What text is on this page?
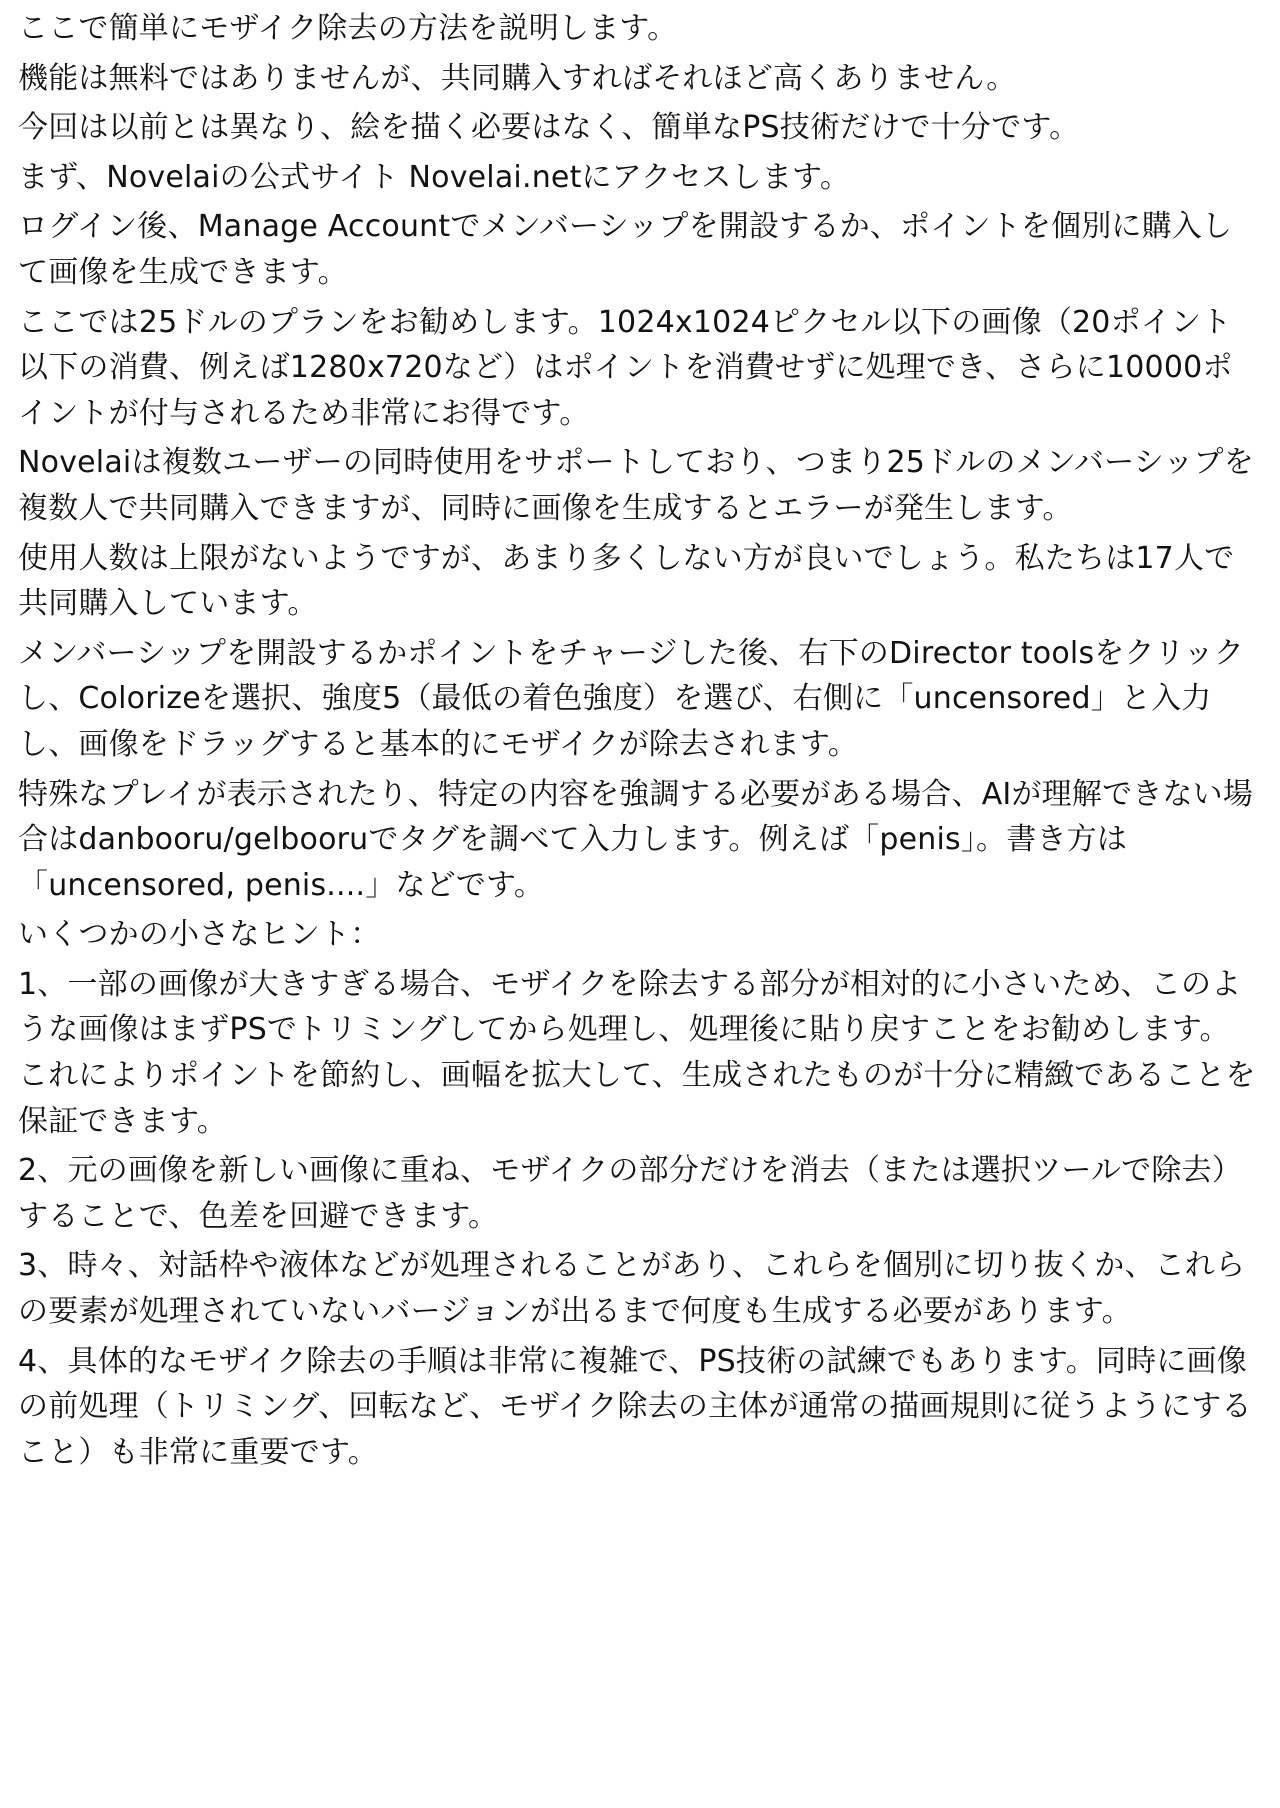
ここで簡単にモザイク除去の方法を説明します。

機能は無料ではありませんが、共同購入すればそれほど高くありません。

今回は以前とは異なり、絵を描く必要はなく、簡単なPS技術だけで十分です。

まず、Novelaiの公式サイト Novelai.netにアクセスします。

ログイン後、Manage Accountでメンバーシップを開設するか、ポイントを個別に購入して画像を生成できます。

ここでは25ドルのプランをお勧めします。1024x1024ピクセル以下の画像（20ポイント以下の消費、例えば1280x720など）はポイントを消費せずに処理でき、さらに10000ポイントが付与されるため非常にお得です。

Novelaiは複数ユーザーの同時使用をサポートしており、つまり25ドルのメンバーシップを複数人で共同購入できますが、同時に画像を生成するとエラーが発生します。

使用人数は上限がないようですが、あまり多くしない方が良いでしょう。私たちは17人で共同購入しています。

メンバーシップを開設するかポイントをチャージした後、右下のDirector toolsをクリックし、Colorizeを選択、強度5（最低の着色強度）を選び、右側に「uncensored」と入力し、画像をドラッグすると基本的にモザイクが除去されます。

特殊なプレイが表示されたり、特定の内容を強調する必要がある場合、AIが理解できない場合はdanbooru/gelbooruでタグを調べて入力します。例えば「penis」。書き方は「uncensored, penis....」などです。

いくつかの小さなヒント：

1、一部の画像が大きすぎる場合、モザイクを除去する部分が相対的に小さいため、このような画像はまずPSでトリミングしてから処理し、処理後に貼り戻すことをお勧めします。これによりポイントを節約し、画幅を拡大して、生成されたものが十分に精緻であることを保証できます。

2、元の画像を新しい画像に重ね、モザイクの部分だけを消去（または選択ツールで除去）することで、色差を回避できます。

3、時々、対話枠や液体などが処理されることがあり、これらを個別に切り抜くか、これらの要素が処理されていないバージョンが出るまで何度も生成する必要があります。

4、具体的なモザイク除去の手順は非常に複雑で、PS技術の試練でもあります。同時に画像の前処理（トリミング、回転など、モザイク除去の主体が通常の描画規則に従うようにすること）も非常に重要です。
